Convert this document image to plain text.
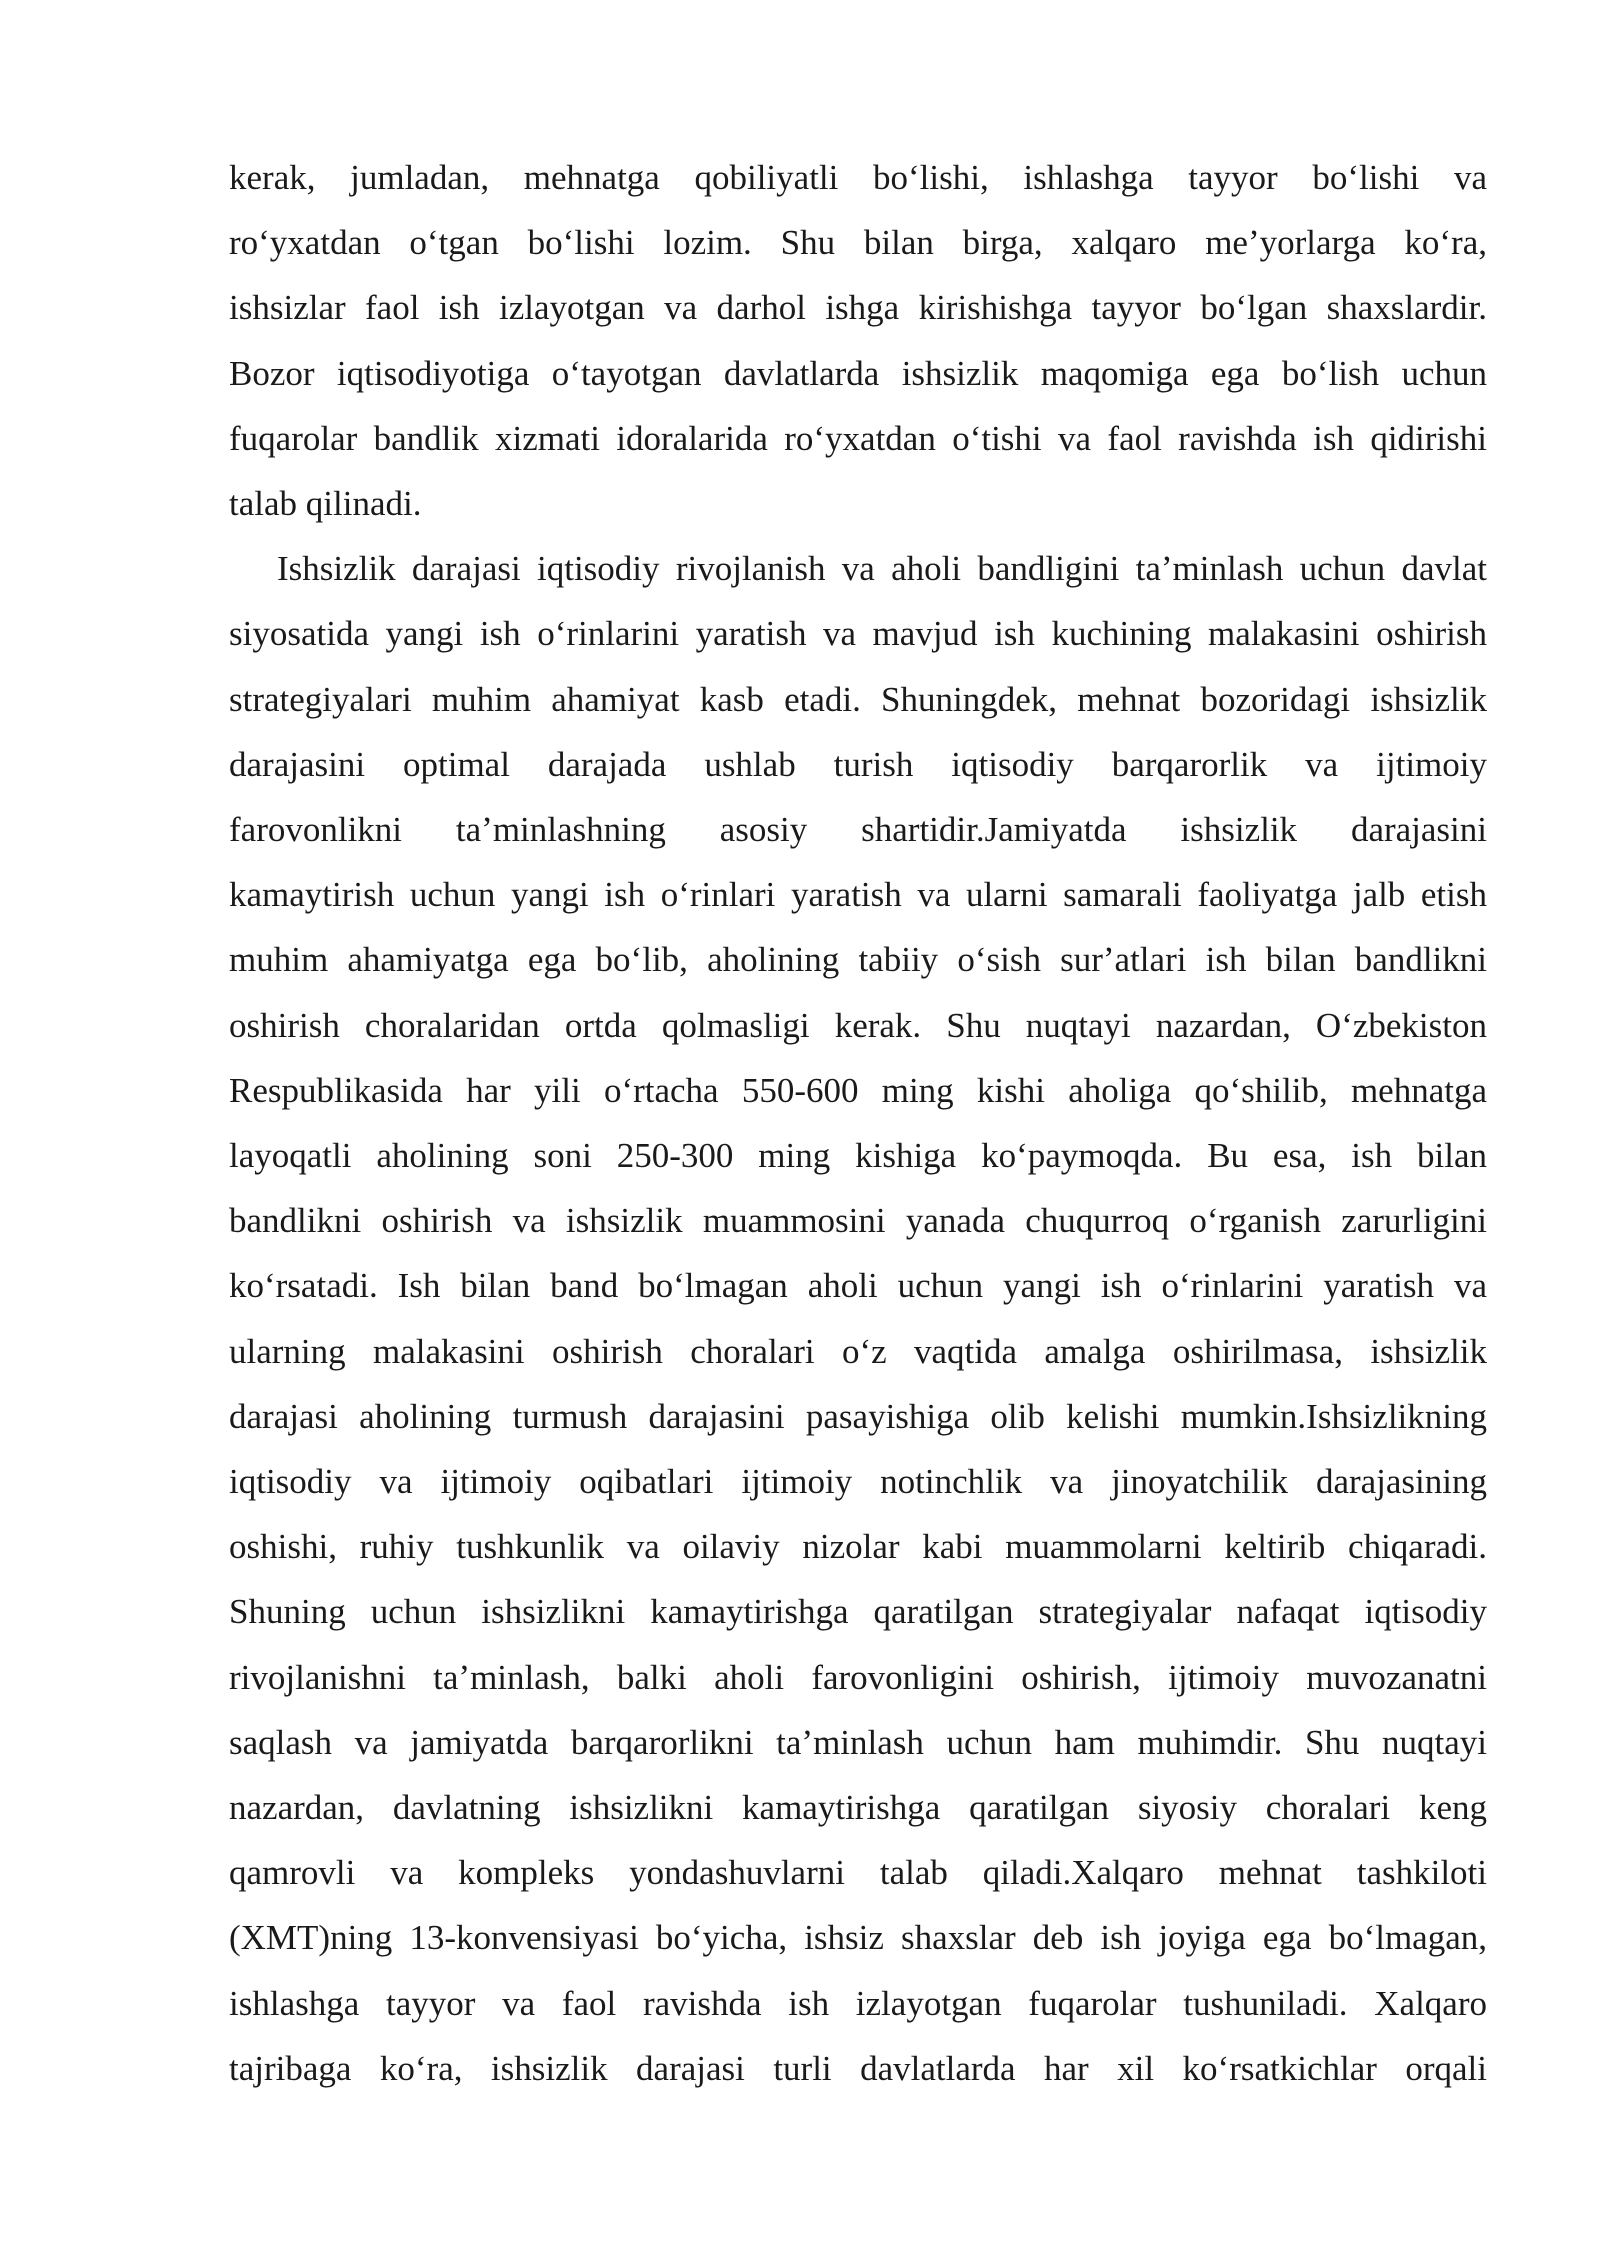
kerak, jumladan, mehnatga qobiliyatli boʻlishi, ishlashga tayyor boʻlishi va
roʻyxatdan oʻtgan boʻlishi lozim. Shu bilan birga, xalqaro meʼyorlarga koʻra,
ishsizlar faol ish izlayotgan va darhol ishga kirishishga tayyor boʻlgan shaxslardir.
Bozor iqtisodiyotiga oʻtayotgan davlatlarda ishsizlik maqomiga ega boʻlish uchun
fuqarolar bandlik xizmati idoralarida roʻyxatdan oʻtishi va faol ravishda ish qidirishi
talab qilinadi.
Ishsizlik darajasi iqtisodiy rivojlanish va aholi bandligini taʼminlash uchun davlat
siyosatida yangi ish oʻrinlarini yaratish va mavjud ish kuchining malakasini oshirish
strategiyalari muhim ahamiyat kasb etadi. Shuningdek, mehnat bozoridagi ishsizlik
darajasini optimal darajada ushlab turish iqtisodiy barqarorlik va ijtimoiy
farovonlikni taʼminlashning asosiy shartidir.Jamiyatda ishsizlik darajasini
kamaytirish uchun yangi ish oʻrinlari yaratish va ularni samarali faoliyatga jalb etish
muhim ahamiyatga ega boʻlib, aholining tabiiy oʻsish surʼatlari ish bilan bandlikni
oshirish choralaridan ortda qolmasligi kerak. Shu nuqtayi nazardan, Oʻzbekiston
Respublikasida har yili oʻrtacha 550-600 ming kishi aholiga qoʻshilib, mehnatga
layoqatli aholining soni 250-300 ming kishiga koʻpaymoqda. Bu esa, ish bilan
bandlikni oshirish va ishsizlik muammosini yanada chuqurroq oʻrganish zarurligini
koʻrsatadi. Ish bilan band boʻlmagan aholi uchun yangi ish oʻrinlarini yaratish va
ularning malakasini oshirish choralari oʻz vaqtida amalga oshirilmasa, ishsizlik
darajasi aholining turmush darajasini pasayishiga olib kelishi mumkin.Ishsizlikning
iqtisodiy va ijtimoiy oqibatlari ijtimoiy notinchlik va jinoyatchilik darajasining
oshishi, ruhiy tushkunlik va oilaviy nizolar kabi muammolarni keltirib chiqaradi.
Shuning uchun ishsizlikni kamaytirishga qaratilgan strategiyalar nafaqat iqtisodiy
rivojlanishni taʼminlash, balki aholi farovonligini oshirish, ijtimoiy muvozanatni
saqlash va jamiyatda barqarorlikni taʼminlash uchun ham muhimdir. Shu nuqtayi
nazardan, davlatning ishsizlikni kamaytirishga qaratilgan siyosiy choralari keng
qamrovli va kompleks yondashuvlarni talab qiladi.Xalqaro mehnat tashkiloti
(XMT)ning 13-konvensiyasi boʻyicha, ishsiz shaxslar deb ish joyiga ega boʻlmagan,
ishlashga tayyor va faol ravishda ish izlayotgan fuqarolar tushuniladi. Xalqaro
tajribaga koʻra, ishsizlik darajasi turli davlatlarda har xil koʻrsatkichlar orqali
